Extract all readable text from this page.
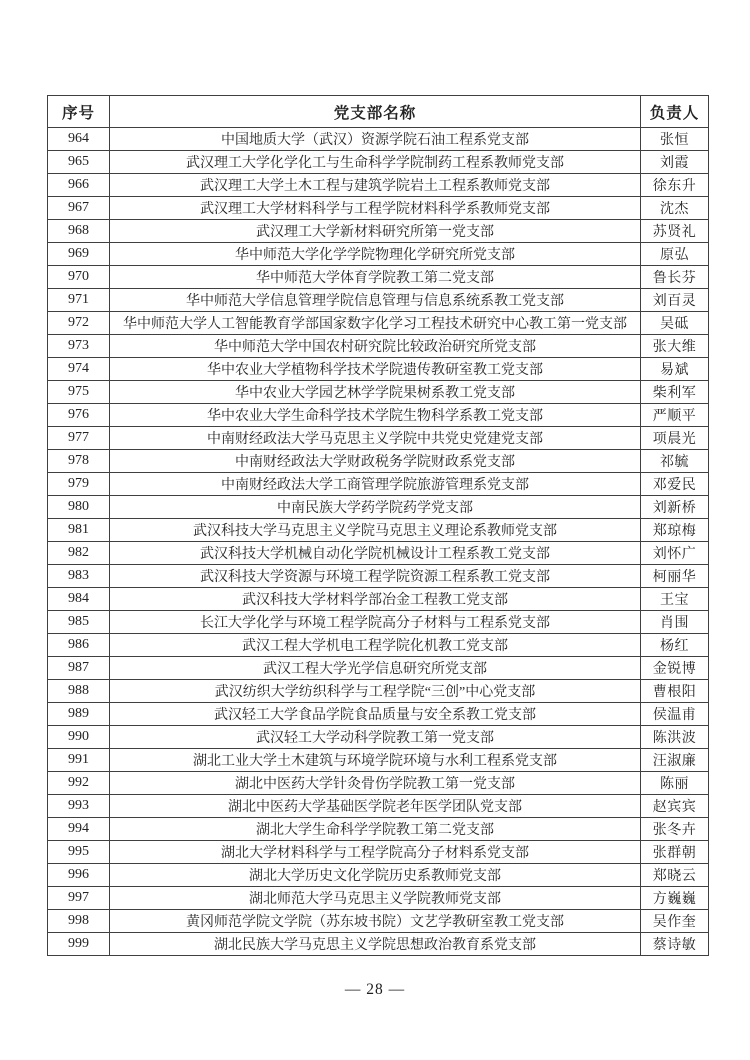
序号	党支部名称	负责人
964	中国地质大学（武汉）资源学院石油工程系党支部	张恒
965	武汉理工大学化学化工与生命科学学院制药工程系教师党支部	刘霞
966	武汉理工大学土木工程与建筑学院岩土工程系教师党支部	徐东升
967	武汉理工大学材料科学与工程学院材料科学系教师党支部	沈杰
968	武汉理工大学新材料研究所第一党支部	苏贤礼
969	华中师范大学化学学院物理化学研究所党支部	原弘
970	华中师范大学体育学院教工第二党支部	鲁长芬
971	华中师范大学信息管理学院信息管理与信息系统系教工党支部	刘百灵
972	华中师范大学人工智能教育学部国家数字化学习工程技术研究中心教工第一党支部	吴砥
973	华中师范大学中国农村研究院比较政治研究所党支部	张大维
974	华中农业大学植物科学技术学院遗传教研室教工党支部	易斌
975	华中农业大学园艺林学学院果树系教工党支部	柴利军
976	华中农业大学生命科学技术学院生物科学系教工党支部	严顺平
977	中南财经政法大学马克思主义学院中共党史党建党支部	项晨光
978	中南财经政法大学财政税务学院财政系党支部	祁毓
979	中南财经政法大学工商管理学院旅游管理系党支部	邓爱民
980	中南民族大学药学院药学党支部	刘新桥
981	武汉科技大学马克思主义学院马克思主义理论系教师党支部	郑琼梅
982	武汉科技大学机械自动化学院机械设计工程系教工党支部	刘怀广
983	武汉科技大学资源与环境工程学院资源工程系教工党支部	柯丽华
984	武汉科技大学材料学部冶金工程教工党支部	王宝
985	长江大学化学与环境工程学院高分子材料与工程系党支部	肖围
986	武汉工程大学机电工程学院化机教工党支部	杨红
987	武汉工程大学光学信息研究所党支部	金锐博
988	武汉纺织大学纺织科学与工程学院“三创”中心党支部	曹根阳
989	武汉轻工大学食品学院食品质量与安全系教工党支部	侯温甫
990	武汉轻工大学动科学院教工第一党支部	陈洪波
991	湖北工业大学土木建筑与环境学院环境与水利工程系党支部	汪淑廉
992	湖北中医药大学针灸骨伤学院教工第一党支部	陈丽
993	湖北中医药大学基础医学院老年医学团队党支部	赵宾宾
994	湖北大学生命科学学院教工第二党支部	张冬卉
995	湖北大学材料科学与工程学院高分子材料系党支部	张群朝
996	湖北大学历史文化学院历史系教师党支部	郑晓云
997	湖北师范大学马克思主义学院教师党支部	方巍巍
998	黄冈师范学院文学院（苏东坡书院）文艺学教研室教工党支部	吴作奎
999	湖北民族大学马克思主义学院思想政治教育系党支部	蔡诗敏
— 28 —
